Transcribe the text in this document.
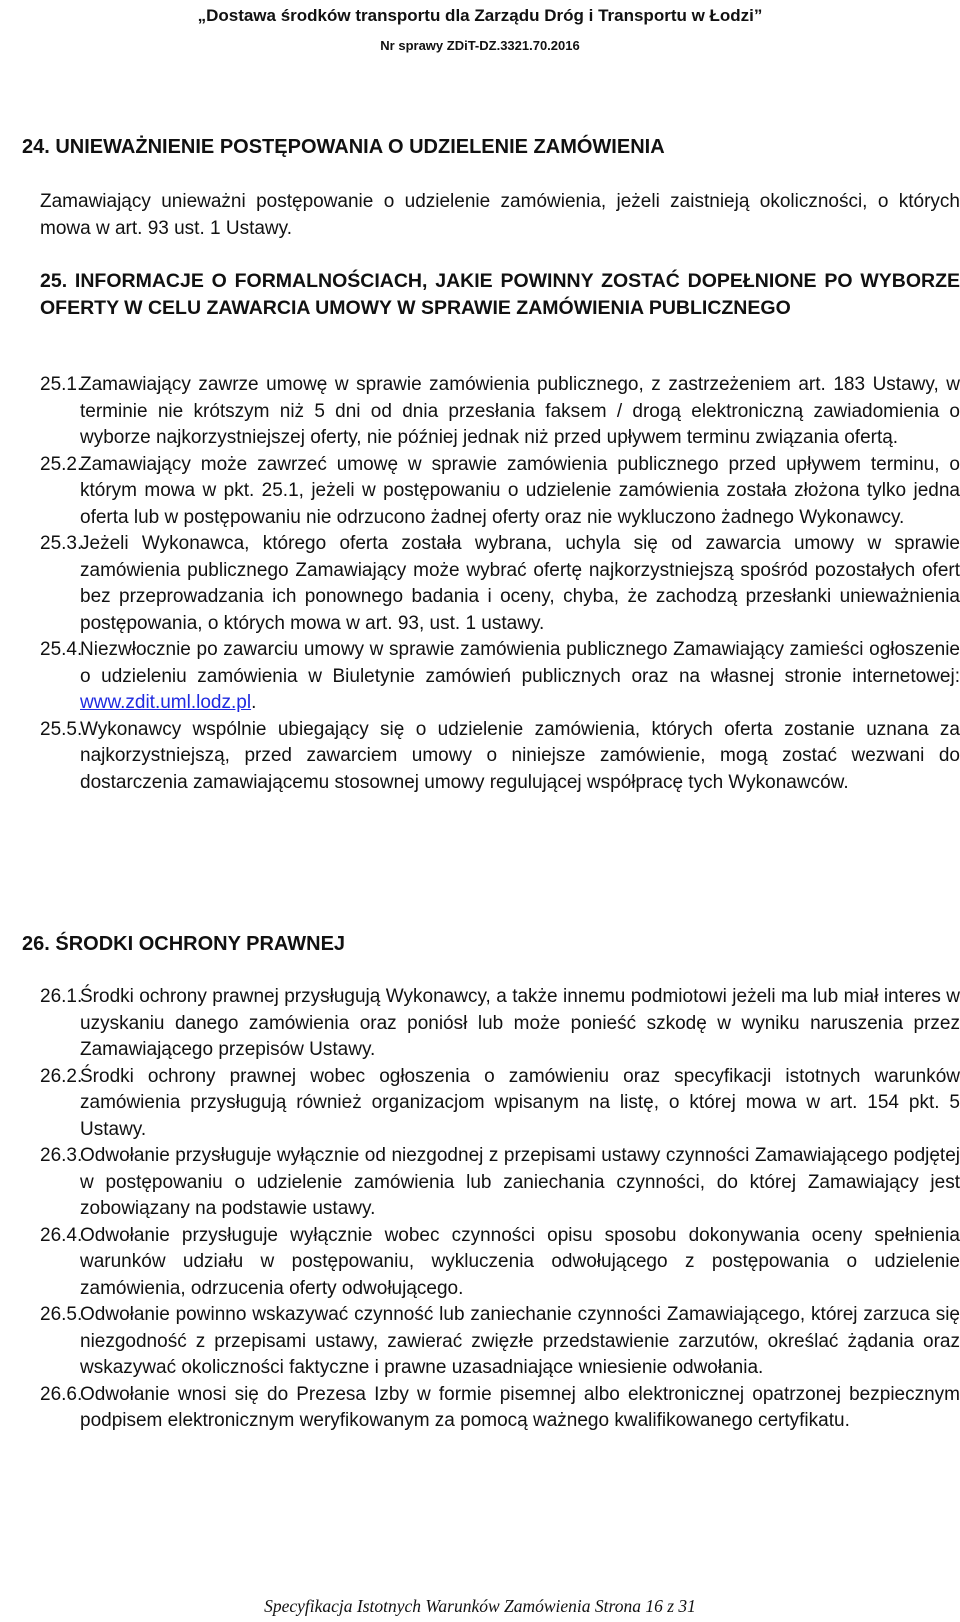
„Dostawa środków transportu dla Zarządu Dróg i Transportu w Łodzi”
Nr sprawy ZDiT-DZ.3321.70.2016
24. UNIEWAŻNIENIE POSTĘPOWANIA O UDZIELENIE ZAMÓWIENIA
Zamawiający unieważni postępowanie o udzielenie zamówienia, jeżeli zaistnieją okoliczności, o których mowa w art. 93 ust. 1 Ustawy.
25. INFORMACJE O FORMALNOŚCIACH, JAKIE POWINNY ZOSTAĆ DOPEŁNIONE PO WYBORZE OFERTY W CELU ZAWARCIA UMOWY W SPRAWIE ZAMÓWIENIA PUBLICZNEGO
25.1.
Zamawiający zawrze umowę w sprawie zamówienia publicznego, z zastrzeżeniem art. 183 Ustawy, w terminie nie krótszym niż 5 dni od dnia przesłania faksem / drogą elektroniczną zawiadomienia o wyborze najkorzystniejszej oferty, nie później jednak niż przed upływem terminu związania ofertą.
25.2.
Zamawiający może zawrzeć umowę w sprawie zamówienia publicznego przed upływem terminu, o którym mowa w pkt. 25.1, jeżeli w postępowaniu o udzielenie zamówienia została złożona tylko jedna oferta lub w postępowaniu nie odrzucono żadnej oferty oraz nie wykluczono żadnego Wykonawcy.
25.3.
Jeżeli Wykonawca, którego oferta została wybrana, uchyla się od zawarcia umowy w sprawie zamówienia publicznego Zamawiający może wybrać ofertę najkorzystniejszą spośród pozostałych ofert bez przeprowadzania ich ponownego badania i oceny, chyba, że zachodzą przesłanki unieważnienia postępowania, o których mowa w art. 93, ust. 1 ustawy.
25.4.
Niezwłocznie po zawarciu umowy w sprawie zamówienia publicznego Zamawiający zamieści ogłoszenie o udzieleniu zamówienia w Biuletynie zamówień publicznych oraz na własnej stronie internetowej: www.zdit.uml.lodz.pl.
25.5.
Wykonawcy wspólnie ubiegający się o udzielenie zamówienia, których oferta zostanie uznana za najkorzystniejszą, przed zawarciem umowy o niniejsze zamówienie, mogą zostać wezwani do dostarczenia zamawiającemu stosownej umowy regulującej współpracę tych Wykonawców.
26. ŚRODKI OCHRONY PRAWNEJ
26.1.
Środki ochrony prawnej przysługują Wykonawcy, a także innemu podmiotowi jeżeli ma lub miał interes w uzyskaniu danego zamówienia oraz poniósł lub może ponieść szkodę w wyniku naruszenia przez Zamawiającego przepisów Ustawy.
26.2.
Środki ochrony prawnej wobec ogłoszenia o zamówieniu oraz specyfikacji istotnych warunków zamówienia przysługują również organizacjom wpisanym na listę, o której mowa w art. 154 pkt. 5 Ustawy.
26.3.
Odwołanie przysługuje wyłącznie od niezgodnej z przepisami ustawy czynności Zamawiającego podjętej w postępowaniu o udzielenie zamówienia lub zaniechania czynności, do której Zamawiający jest zobowiązany na podstawie ustawy.
26.4.
Odwołanie przysługuje wyłącznie wobec czynności opisu sposobu dokonywania oceny spełnienia warunków udziału w postępowaniu, wykluczenia odwołującego z postępowania o udzielenie zamówienia, odrzucenia oferty odwołującego.
26.5.
Odwołanie powinno wskazywać czynność lub zaniechanie czynności Zamawiającego, której zarzuca się niezgodność z przepisami ustawy, zawierać zwięzłe przedstawienie zarzutów, określać żądania oraz wskazywać okoliczności faktyczne i prawne uzasadniające wniesienie odwołania.
26.6.
Odwołanie wnosi się do Prezesa Izby w formie pisemnej albo elektronicznej opatrzonej bezpiecznym podpisem elektronicznym weryfikowanym za pomocą ważnego kwalifikowanego certyfikatu.
Specyfikacja Istotnych Warunków Zamówienia Strona 16 z 31
